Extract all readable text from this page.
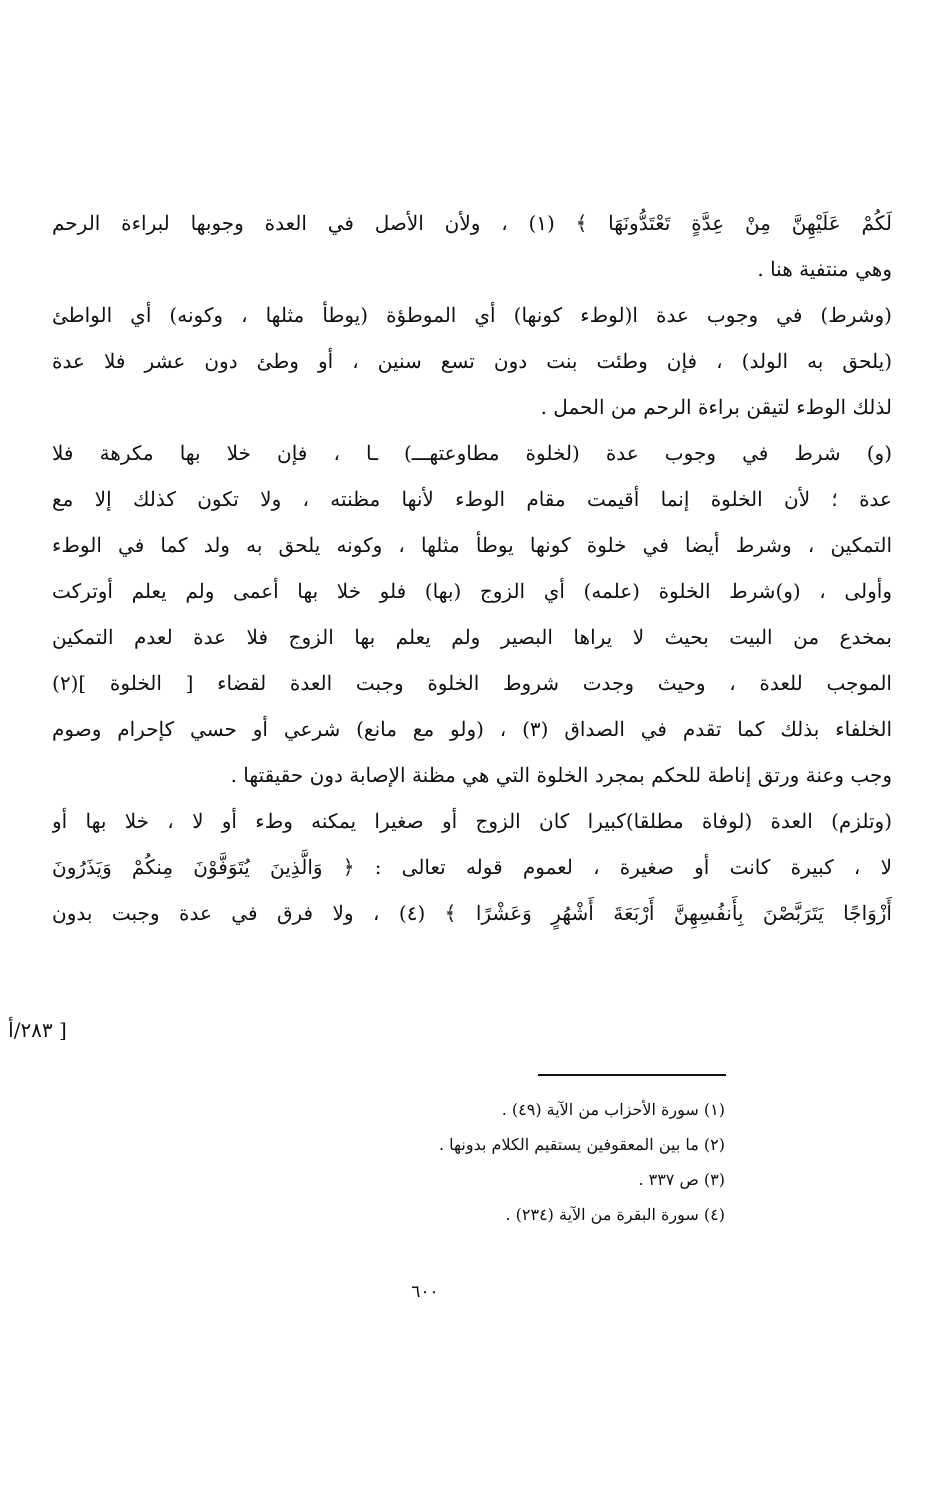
لَكُمْ عَلَيْهِنَّ مِنْ عِدَّةٍ تَعْتَدُّونَهَا ﴾ (١) ، ولأن الأصل في العدة وجوبها لبراءة الرحم
وهي منتفية هنا .
(وشرط) في وجوب عدة ا(لوطء كونها) أي الموطؤة (يوطأ مثلها ، وكونه) أي الواطئ
(يلحق به الولد) ، فإن وطئت بنت دون تسع سنين ، أو وطئ دون عشر فلا عدة
لذلك الوطء لتيقن براءة الرحم من الحمل .
(و) شرط في وجوب عدة (لخلوة مطاوعتهـــ) ـا ، فإن خلا بها مكرهة فلا
عدة ؛ لأن الخلوة إنما أقيمت مقام الوطء لأنها مظنته ، ولا تكون كذلك إلا مع
التمكين ، وشرط أيضا في خلوة كونها يوطأ مثلها ، وكونه يلحق به ولد كما في الوطء
وأولى ، (و)شرط الخلوة (علمه) أي الزوج (بها) فلو خلا بها أعمى ولم يعلم أوتركت
بمخدع من البيت بحيث لا يراها البصير ولم يعلم بها الزوج فلا عدة لعدم التمكين
الموجب للعدة ، وحيث وجدت شروط الخلوة وجبت العدة لقضاء [ الخلوة ](٢)
الخلفاء بذلك كما تقدم في الصداق (٣) ، (ولو مع مانع) شرعي أو حسي كإحرام وصوم
وجب وعنة ورتق إناطة للحكم بمجرد الخلوة التي هي مظنة الإصابة دون حقيقتها .
(وتلزم) العدة (لوفاة مطلقا)كبيرا كان الزوج أو صغيرا يمكنه وطء أو لا ، خلا بها أو
لا ، كبيرة كانت أو صغيرة ، لعموم قوله تعالى : ﴿ وَالَّذِينَ يُتَوَفَّوْنَ مِنكُمْ وَيَذَرُونَ
أَزْوَاجًا يَتَرَبَّصْنَ بِأَنفُسِهِنَّ أَرْبَعَةَ أَشْهُرٍ وَعَشْرًا ﴾ (٤) ، ولا فرق في عدة وجبت بدون
[ ٢٨٣/أ
(١) سورة الأحزاب من الآية (٤٩) .
(٢) ما بين المعقوفين يستقيم الكلام بدونها .
(٣) ص ٣٣٧ .
(٤) سورة البقرة من الآية (٢٣٤) .
٦٠٠
